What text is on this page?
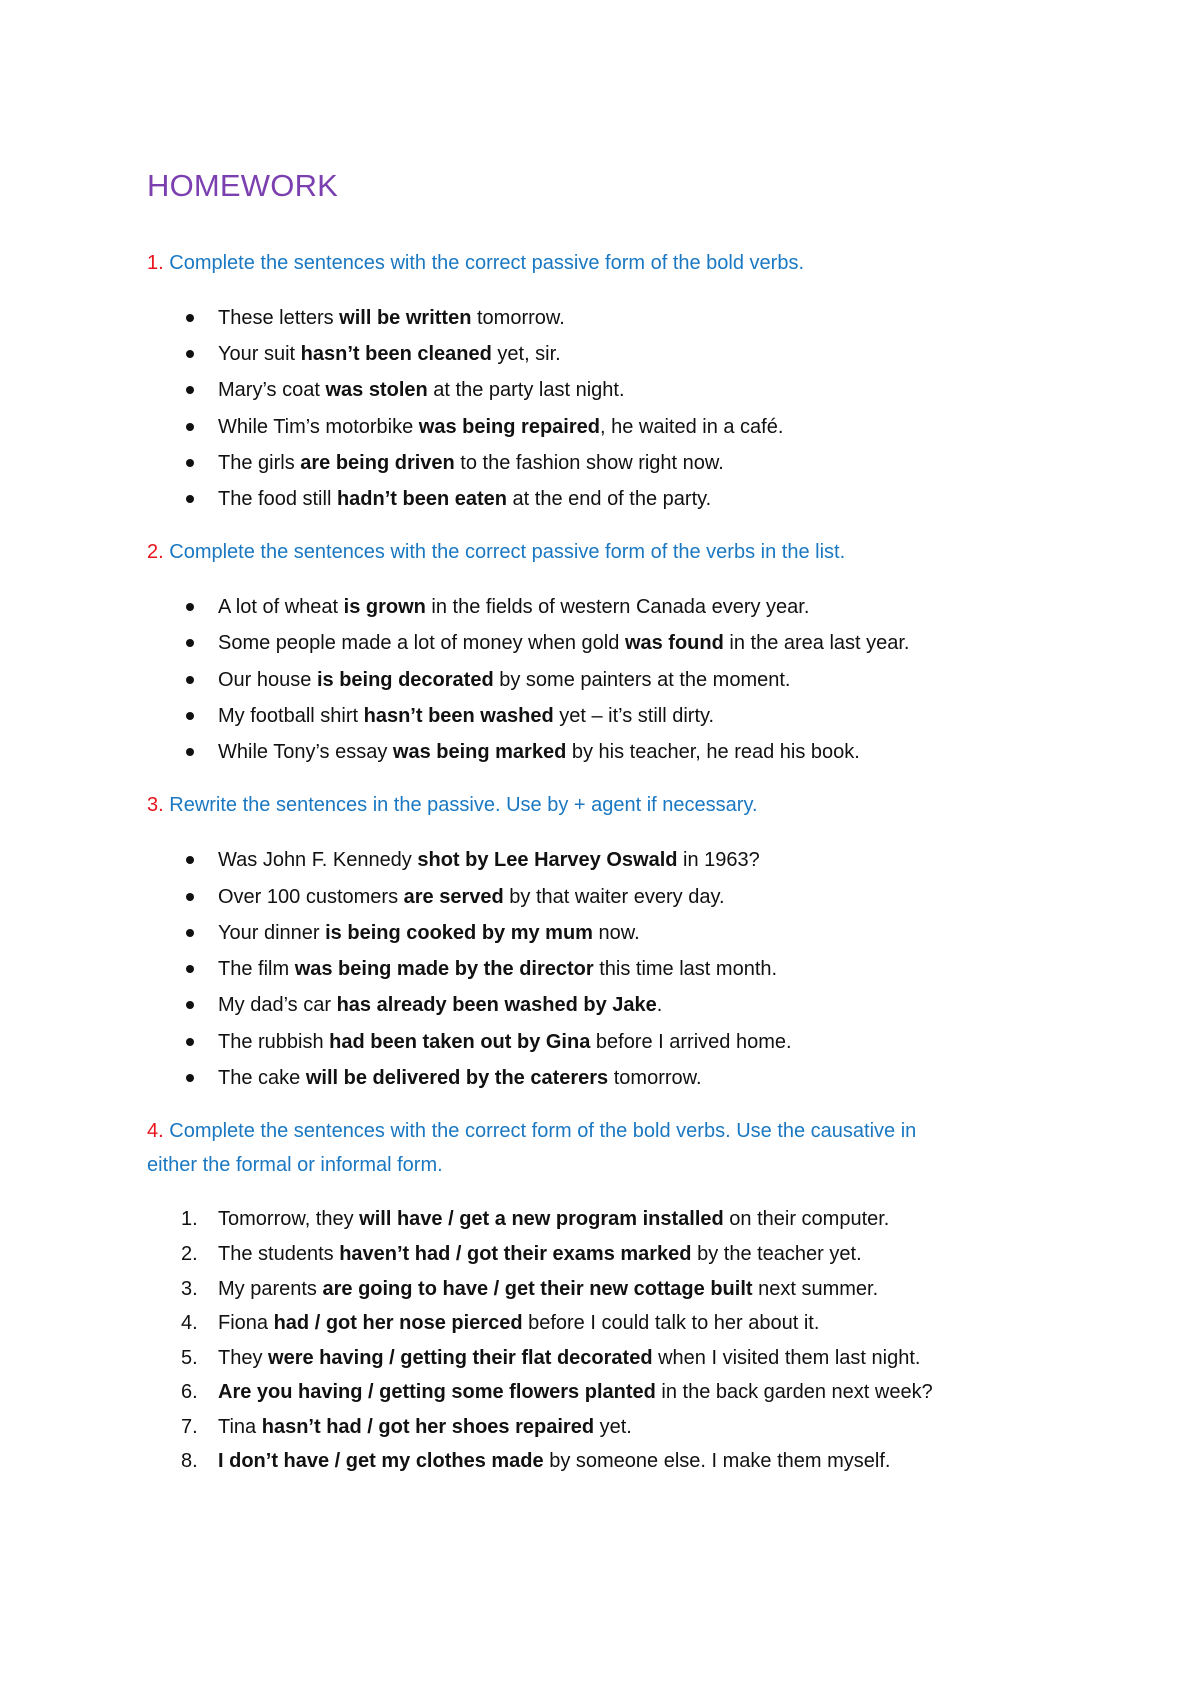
HOMEWORK
1. Complete the sentences with the correct passive form of the bold verbs.
These letters will be written tomorrow.
Your suit hasn’t been cleaned yet, sir.
Mary’s coat was stolen at the party last night.
While Tim’s motorbike was being repaired, he waited in a café.
The girls are being driven to the fashion show right now.
The food still hadn’t been eaten at the end of the party.
2. Complete the sentences with the correct passive form of the verbs in the list.
A lot of wheat is grown in the fields of western Canada every year.
Some people made a lot of money when gold was found in the area last year.
Our house is being decorated by some painters at the moment.
My football shirt hasn’t been washed yet – it’s still dirty.
While Tony’s essay was being marked by his teacher, he read his book.
3. Rewrite the sentences in the passive. Use by + agent if necessary.
Was John F. Kennedy shot by Lee Harvey Oswald in 1963?
Over 100 customers are served by that waiter every day.
Your dinner is being cooked by my mum now.
The film was being made by the director this time last month.
My dad’s car has already been washed by Jake.
The rubbish had been taken out by Gina before I arrived home.
The cake will be delivered by the caterers tomorrow.
4. Complete the sentences with the correct form of the bold verbs. Use the causative in
either the formal or informal form.
1. Tomorrow, they will have / get a new program installed on their computer.
2. The students haven’t had / got their exams marked by the teacher yet.
3. My parents are going to have / get their new cottage built next summer.
4. Fiona had / got her nose pierced before I could talk to her about it.
5. They were having / getting their flat decorated when I visited them last night.
6. Are you having / getting some flowers planted in the back garden next week?
7. Tina hasn’t had / got her shoes repaired yet.
8. I don’t have / get my clothes made by someone else. I make them myself.
